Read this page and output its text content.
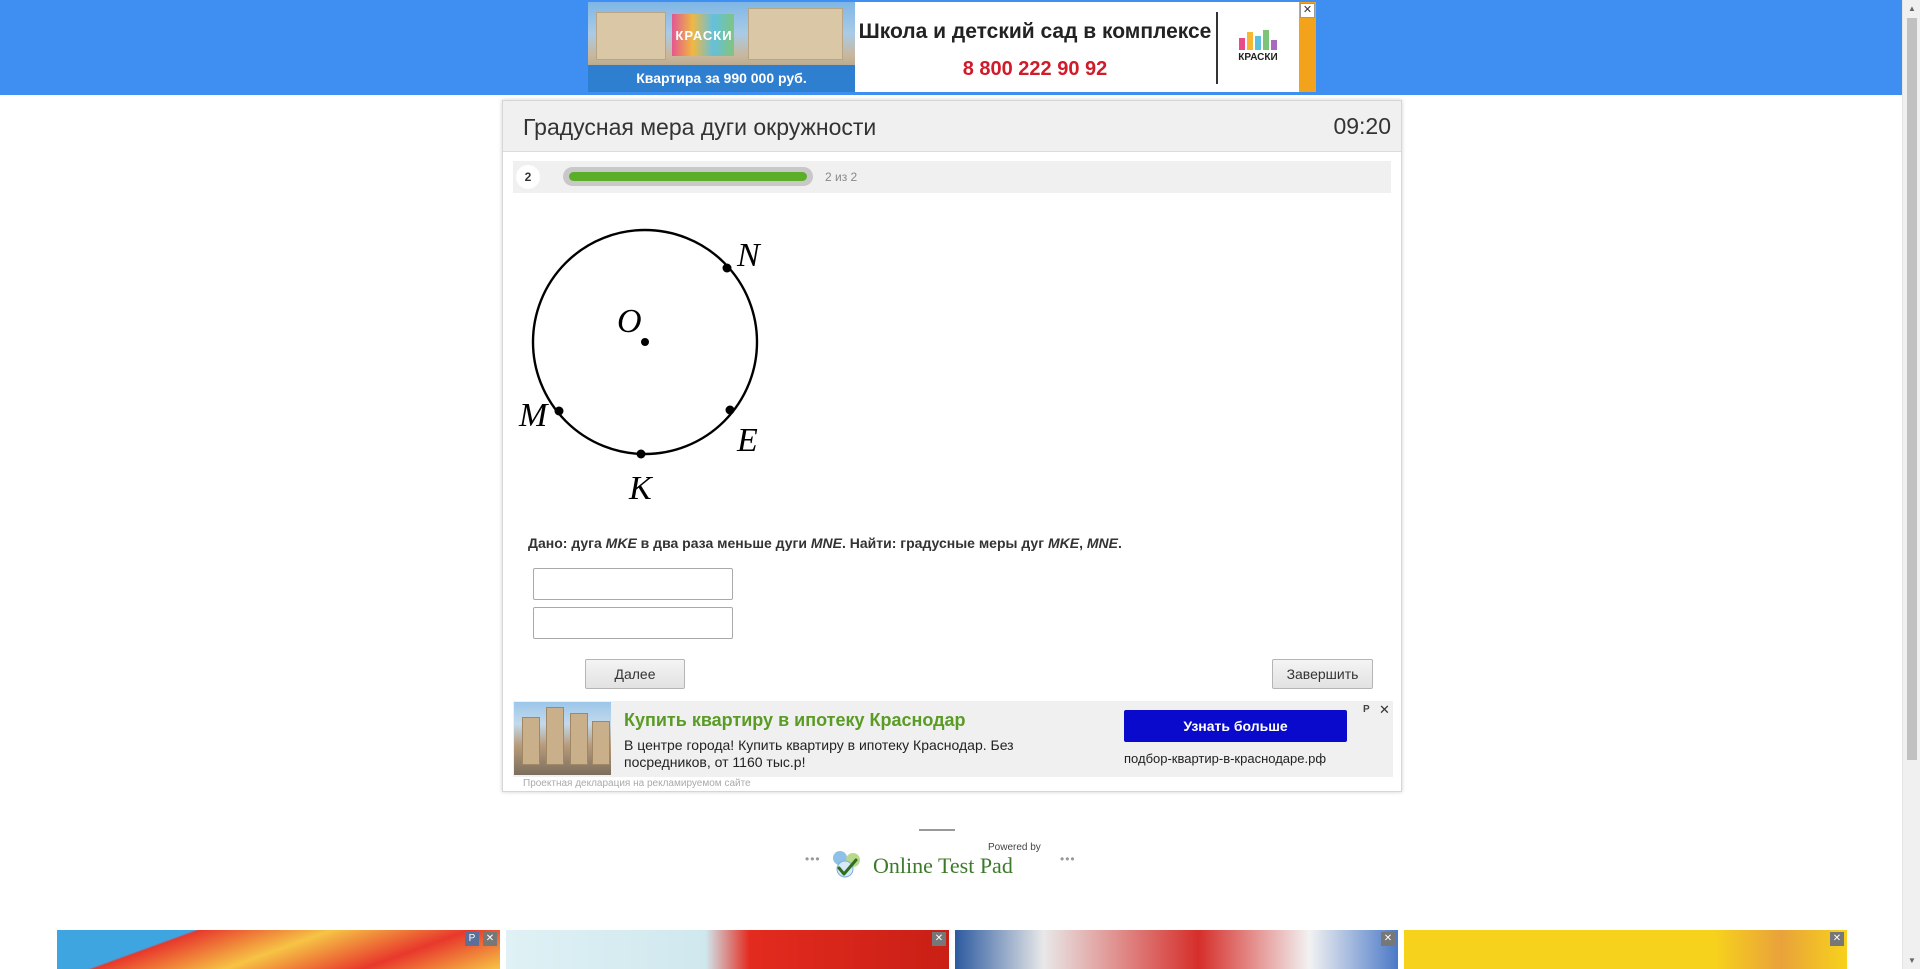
КРАСКИ
Квартира за 990 000 руб.
Школа и детский сад в комплексе
8 800 222 90 92
КРАСКИ
✕
Градусная мера дуги окружности	09:20
2	2 из 2
O
N
M
E
K
Дано: дуга MKE в два раза меньше дуги MNE. Найти: градусные меры дуг MKE, MNE.
Далее	Завершить
Купить квартиру в ипотеку Краснодар
В центре города! Купить квартиру в ипотеку Краснодар. Без посредников, от 1160 тыс.р!
Узнать больше
подбор-квартир-в-краснодаре.рф
Р ✕
Проектная декларация на рекламируемом сайте
•••
Powered by
Online Test Pad	•••
Р	✕	✕	✕	✕
▲
▼
